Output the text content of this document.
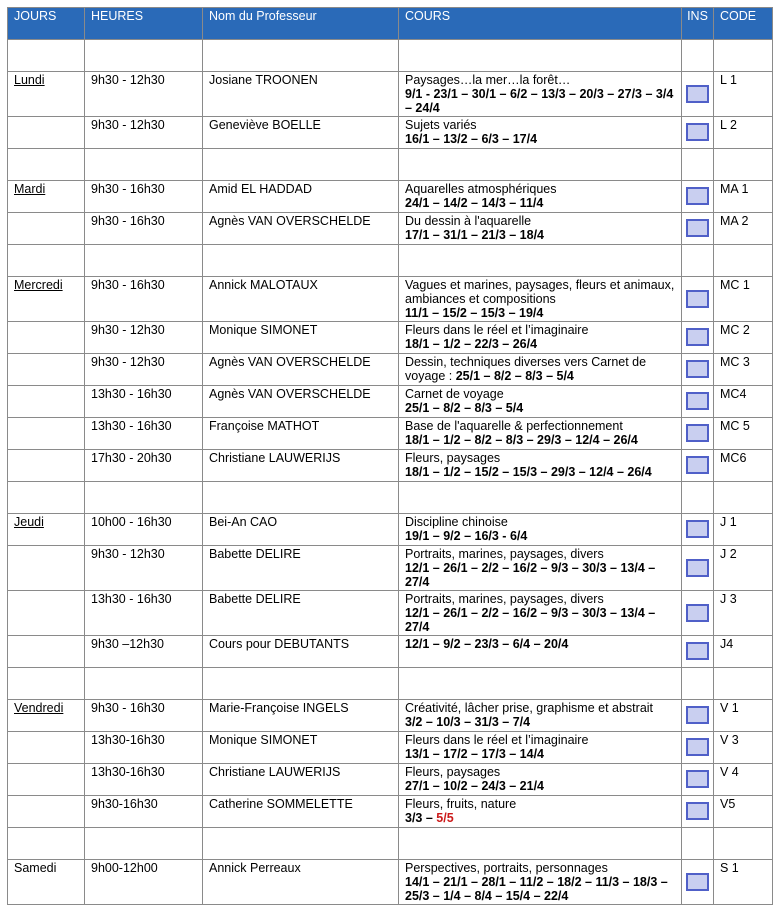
JOURS	HEURES	Nom du Professeur	COURS	INS	CODE

Lundi	9h30 - 12h30	Josiane TROONEN	Paysages…la mer…la forêt…
9/1 - 23/1 – 30/1 – 6/2 – 13/3 – 20/3 – 27/3 – 3/4 – 24/4		L 1
	9h30 - 12h30	Geneviève BOELLE	Sujets variés
16/1 – 13/2 – 6/3 – 17/4		L 2

Mardi	9h30 - 16h30	Amid EL HADDAD	Aquarelles atmosphériques
24/1 – 14/2 – 14/3 – 11/4		MA 1
	9h30 - 16h30	Agnès VAN OVERSCHELDE	Du dessin à l'aquarelle
17/1 – 31/1 – 21/3 – 18/4		MA 2

Mercredi	9h30 - 16h30	Annick MALOTAUX	Vagues et marines, paysages, fleurs et animaux, ambiances et compositions
11/1 – 15/2 – 15/3 – 19/4		MC 1
	9h30 - 12h30	Monique SIMONET	Fleurs dans le réel et l’imaginaire
18/1 – 1/2 – 22/3 – 26/4		MC 2
	9h30 - 12h30	Agnès VAN OVERSCHELDE	Dessin, techniques diverses vers Carnet de voyage : 25/1 – 8/2 – 8/3 – 5/4		MC 3
	13h30 - 16h30	Agnès VAN OVERSCHELDE	Carnet de voyage
25/1 – 8/2 – 8/3 – 5/4		MC4
	13h30 - 16h30	Françoise MATHOT	Base de l'aquarelle & perfectionnement
18/1 – 1/2 – 8/2 – 8/3 – 29/3 – 12/4 – 26/4		MC 5
	17h30 - 20h30	Christiane LAUWERIJS	Fleurs, paysages
18/1 – 1/2 – 15/2 – 15/3 – 29/3 – 12/4 – 26/4		MC6

Jeudi	10h00 - 16h30	Bei-An CAO	Discipline chinoise
19/1 – 9/2 – 16/3 - 6/4		J 1
	9h30 - 12h30	Babette DELIRE	Portraits, marines, paysages, divers
12/1 – 26/1 – 2/2 – 16/2 – 9/3 – 30/3 – 13/4 – 27/4		J 2
	13h30 - 16h30	Babette DELIRE	Portraits, marines, paysages, divers
12/1 – 26/1 – 2/2 – 16/2 – 9/3 – 30/3 – 13/4 – 27/4		J 3
	9h30 –12h30	Cours pour DEBUTANTS	12/1 – 9/2 – 23/3 – 6/4 – 20/4		J4

Vendredi	9h30 - 16h30	Marie-Françoise INGELS	Créativité, lâcher prise, graphisme et abstrait
3/2 – 10/3 – 31/3 – 7/4		V 1
	13h30-16h30	Monique SIMONET	Fleurs dans le réel et l’imaginaire
13/1 – 17/2 – 17/3 – 14/4		V 3
	13h30-16h30	Christiane LAUWERIJS	Fleurs, paysages
27/1 – 10/2 – 24/3 – 21/4		V 4
	9h30-16h30	Catherine SOMMELETTE	Fleurs, fruits, nature
3/3 – 5/5		V5

Samedi	9h00-12h00	Annick Perreaux	Perspectives, portraits, personnages
14/1 – 21/1 – 28/1 – 11/2 – 18/2 – 11/3 – 18/3 – 25/3 – 1/4 – 8/4 – 15/4 – 22/4		S 1
